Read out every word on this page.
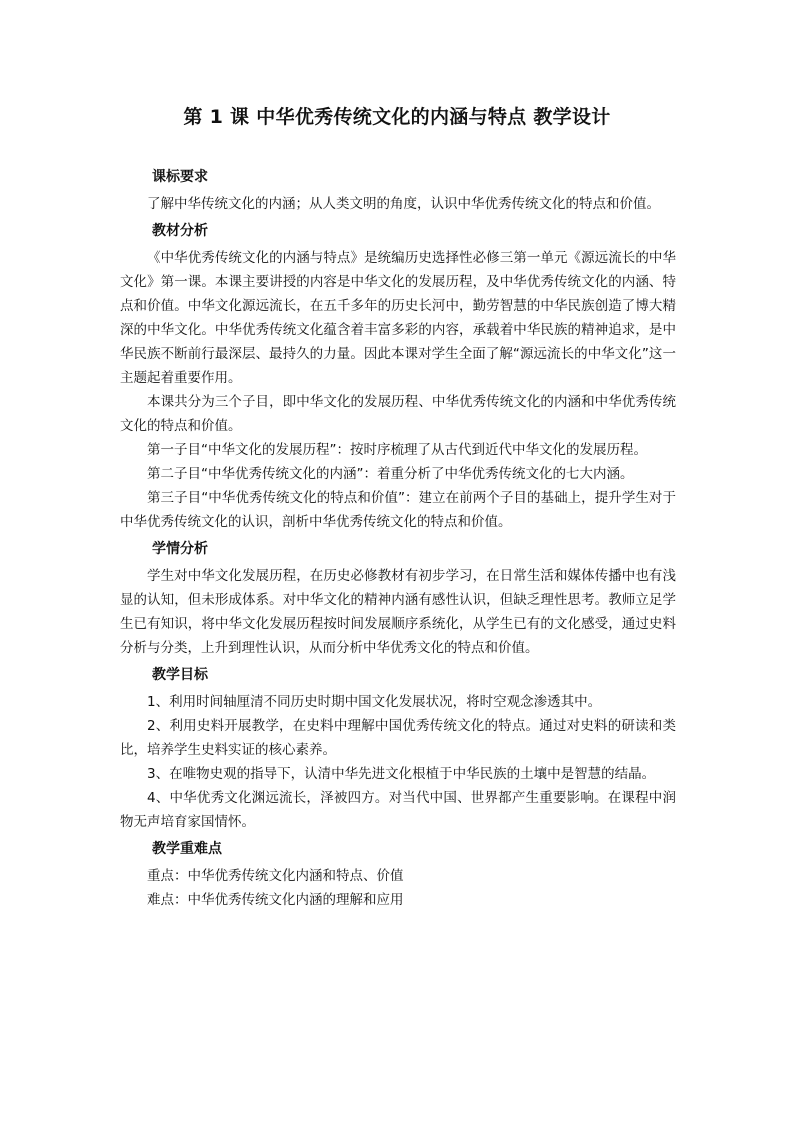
第 1 课 中华优秀传统文化的内涵与特点 教学设计
课标要求

了解中华传统文化的内涵；从人类文明的角度，认识中华优秀传统文化的特点和价值。

教材分析

《中华优秀传统文化的内涵与特点》是统编历史选择性必修三第一单元《源远流长的中华文化》第一课。本课主要讲授的内容是中华文化的发展历程，及中华优秀传统文化的内涵、特点和价值。中华文化源远流长，在五千多年的历史长河中，勤劳智慧的中华民族创造了博大精深的中华文化。中华优秀传统文化蕴含着丰富多彩的内容，承载着中华民族的精神追求，是中华民族不断前行最深层、最持久的力量。因此本课对学生全面了解“源远流长的中华文化”这一主题起着重要作用。

本课共分为三个子目，即中华文化的发展历程、中华优秀传统文化的内涵和中华优秀传统文化的特点和价值。

第一子目“中华文化的发展历程”：按时序梳理了从古代到近代中华文化的发展历程。

第二子目“中华优秀传统文化的内涵”：着重分析了中华优秀传统文化的七大内涵。

第三子目“中华优秀传统文化的特点和价值”：建立在前两个子目的基础上，提升学生对于中华优秀传统文化的认识，剖析中华优秀传统文化的特点和价值。

学情分析

学生对中华文化发展历程，在历史必修教材有初步学习，在日常生活和媒体传播中也有浅显的认知，但未形成体系。对中华文化的精神内涵有感性认识，但缺乏理性思考。教师立足学生已有知识，将中华文化发展历程按时间发展顺序系统化，从学生已有的文化感受，通过史料分析与分类，上升到理性认识，从而分析中华优秀文化的特点和价值。

教学目标

1、利用时间轴厘清不同历史时期中国文化发展状况，将时空观念渗透其中。

2、利用史料开展教学，在史料中理解中国优秀传统文化的特点。通过对史料的研读和类比，培养学生史料实证的核心素养。

3、在唯物史观的指导下，认清中华先进文化根植于中华民族的土壤中是智慧的结晶。

4、中华优秀文化渊远流长，泽被四方。对当代中国、世界都产生重要影响。在课程中润物无声培育家国情怀。

教学重难点

重点：中华优秀传统文化内涵和特点、价值

难点：中华优秀传统文化内涵的理解和应用
